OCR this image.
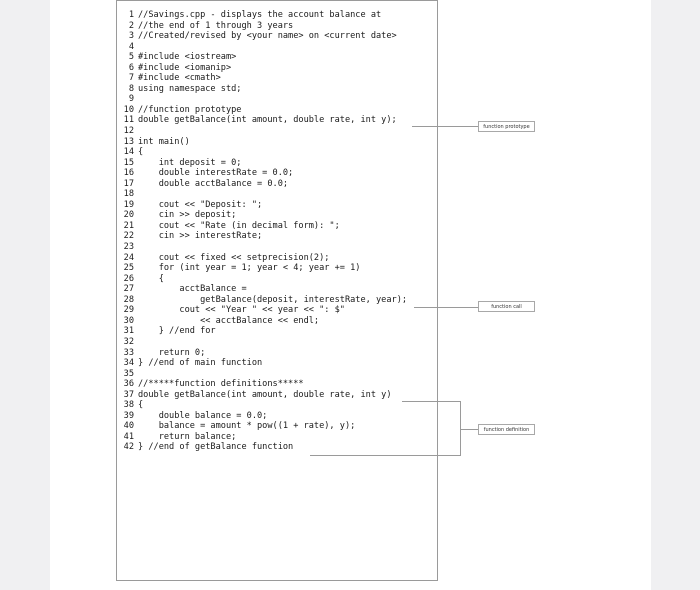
1 //Savings.cpp - displays the account balance at
2 //the end of 1 through 3 years
3 //Created/revised by <your name> on <current date>
4
5 #include <iostream>
6 #include <iomanip>
7 #include <cmath>
8 using namespace std;
9
10 //function prototype
11 double getBalance(int amount, double rate, int y);
12
13 int main()
14 {
15    int deposit = 0;
16    double interestRate = 0.0;
17    double acctBalance = 0.0;
18
19    cout << "Deposit: ";
20    cin >> deposit;
21    cout << "Rate (in decimal form): ";
22    cin >> interestRate;
23
24    cout << fixed << setprecision(2);
25    for (int year = 1; year < 4; year += 1)
26    {
27        acctBalance =
28            getBalance(deposit, interestRate, year);
29        cout << "Year " << year << ": $"
30            << acctBalance << endl;
31    } //end for
32
33    return 0;
34 } //end of main function
35
36 //*****function definitions*****
37 double getBalance(int amount, double rate, int y)
38 {
39    double balance = 0.0;
40    balance = amount * pow((1 + rate), y);
41    return balance;
42 } //end of getBalance function
function prototype
function call
function definition
